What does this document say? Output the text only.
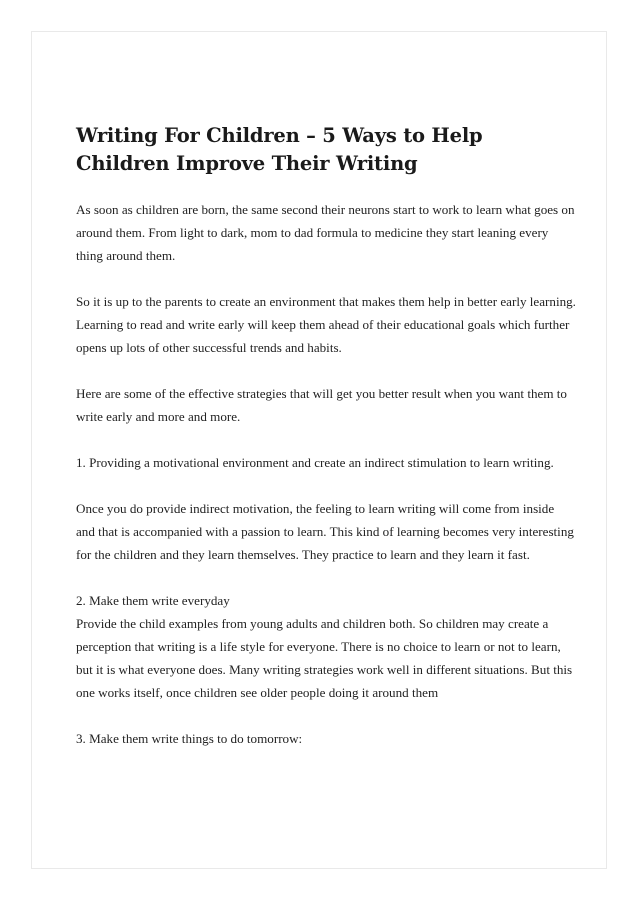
Writing For Children – 5 Ways to Help Children Improve Their Writing

As soon as children are born, the same second their neurons start to work to learn what goes on around them. From light to dark, mom to dad formula to medicine they start leaning every thing around them.

So it is up to the parents to create an environment that makes them help in better early learning. Learning to read and write early will keep them ahead of their educational goals which further opens up lots of other successful trends and habits.

Here are some of the effective strategies that will get you better result when you want them to write early and more and more.

1. Providing a motivational environment and create an indirect stimulation to learn writing.

Once you do provide indirect motivation, the feeling to learn writing will come from inside and that is accompanied with a passion to learn. This kind of learning becomes very interesting for the children and they learn themselves. They practice to learn and they learn it fast.

2. Make them write everyday

Provide the child examples from young adults and children both. So children may create a perception that writing is a life style for everyone. There is no choice to learn or not to learn, but it is what everyone does. Many writing strategies work well in different situations. But this one works itself, once children see older people doing it around them

3. Make them write things to do tomorrow:
